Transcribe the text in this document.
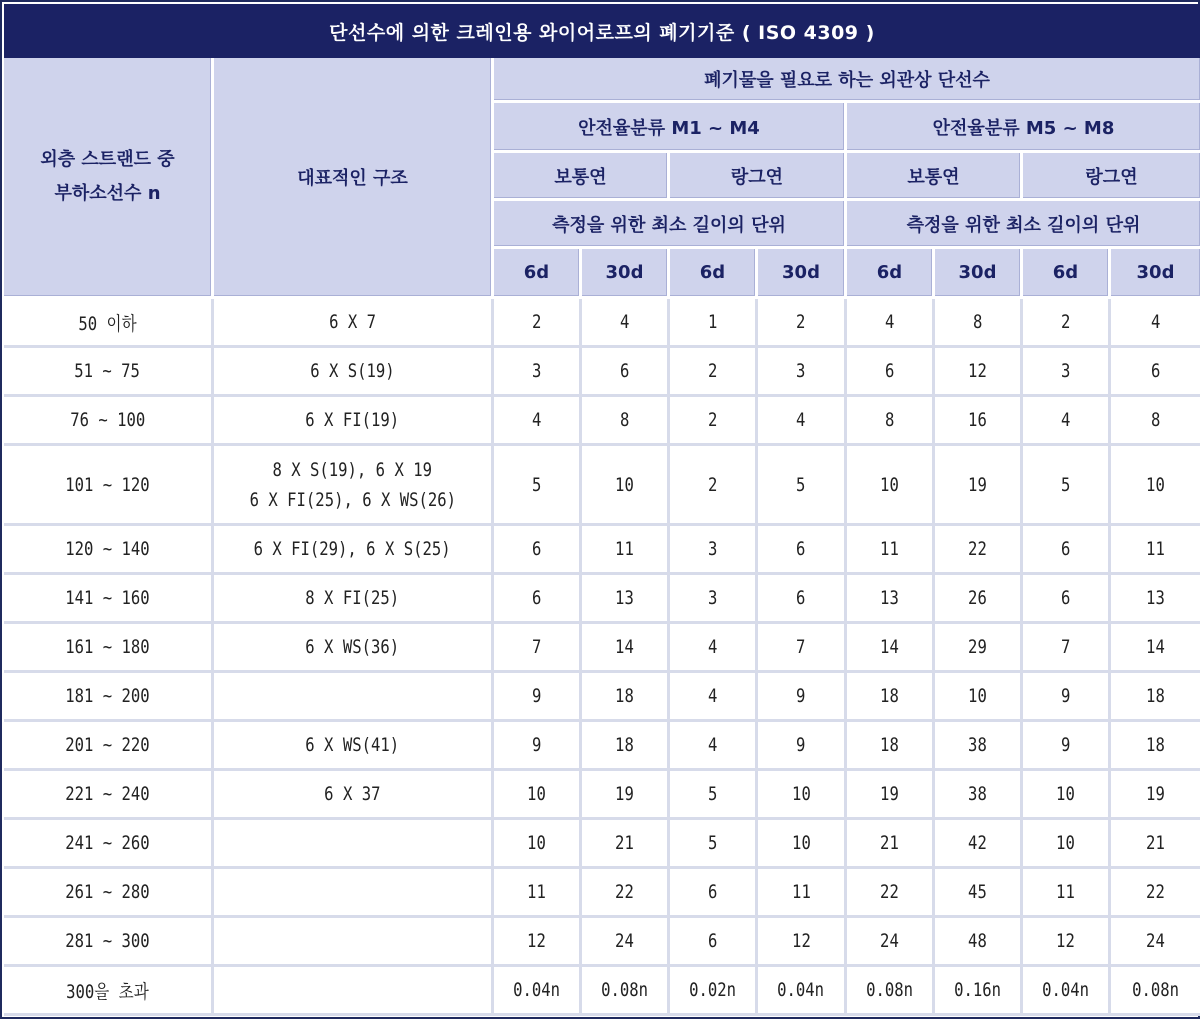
단선수에 의한 크레인용 와이어로프의 폐기기준 ( ISO 4309 )
외층 스트랜드 중
부하소선수 n	대표적인 구조	폐기물을 필요로 하는 외관상 단선수							
		안전율분류 M1 ~ M4				안전율분류 M5 ~ M8			
		보통연		랑그연		보통연		랑그연	
		측정을 위한 최소 길이의 단위				측정을 위한 최소 길이의 단위			
		6d	30d	6d	30d	6d	30d	6d	30d
50 이하	6 X 7	2	4	1	2	4	8	2	4
51 ~ 75	6 X S(19)	3	6	2	3	6	12	3	6
76 ~ 100	6 X FI(19)	4	8	2	4	8	16	4	8
101 ~ 120	8 X S(19), 6 X 19
6 X FI(25), 6 X WS(26)	5	10	2	5	10	19	5	10
120 ~ 140	6 X FI(29), 6 X S(25)	6	11	3	6	11	22	6	11
141 ~ 160	8 X FI(25)	6	13	3	6	13	26	6	13
161 ~ 180	6 X WS(36)	7	14	4	7	14	29	7	14
181 ~ 200		9	18	4	9	18	10	9	18
201 ~ 220	6 X WS(41)	9	18	4	9	18	38	9	18
221 ~ 240	6 X 37	10	19	5	10	19	38	10	19
241 ~ 260		10	21	5	10	21	42	10	21
261 ~ 280		11	22	6	11	22	45	11	22
281 ~ 300		12	24	6	12	24	48	12	24
300을 초과		0.04n	0.08n	0.02n	0.04n	0.08n	0.16n	0.04n	0.08n
